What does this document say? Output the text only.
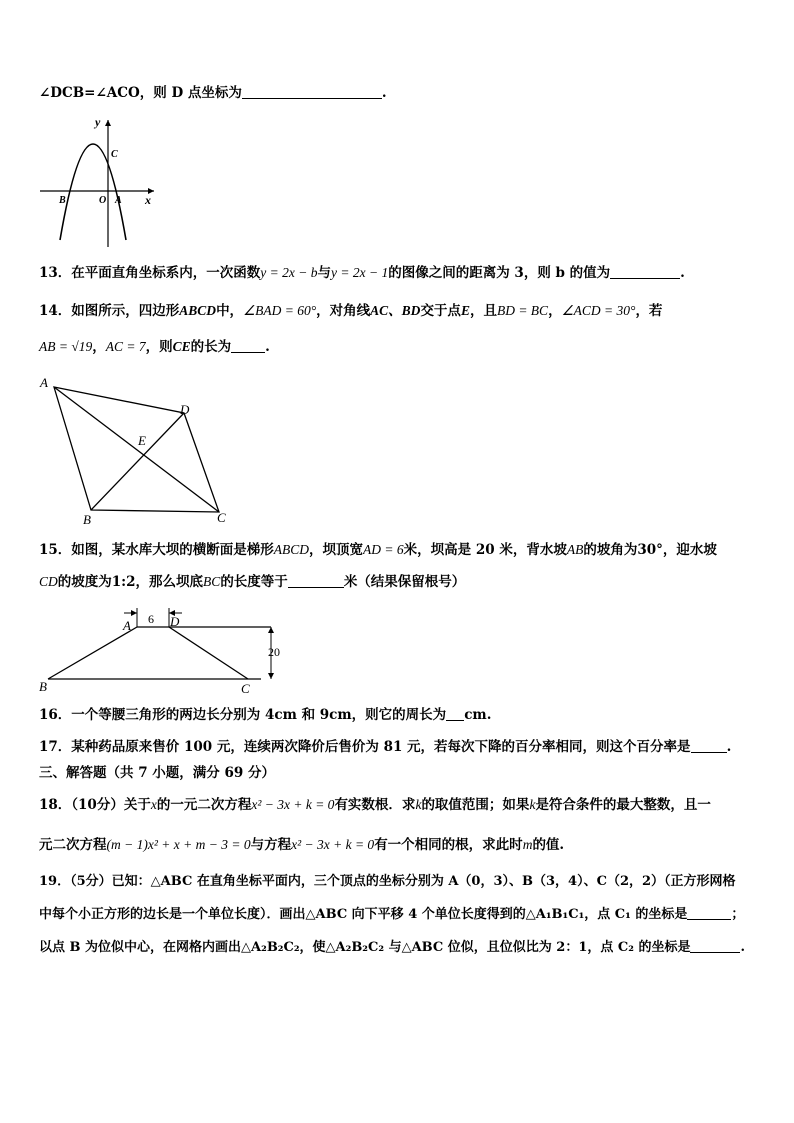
∠DCB=∠ACO，则 D 点坐标为	.
y
C
B	O A x
13．在平面直角坐标系内，一次函数y = 2x − b与y = 2x − 1的图像之间的距离为 3，则 b 的值为	.
14．如图所示，四边形ABCD中，∠BAD = 60°，对角线AC、BD交于点E，且BD = BC，∠ACD = 30°，若
AB = √19，AC = 7，则CE的长为	.
A
D
E
B	C
15．如图，某水库大坝的横断面是梯形ABCD，坝顶宽AD = 6米，坝高是 20 米，背水坡AB的坡角为30°，迎水坡
CD的坡度为1:2，那么坝底BC的长度等于	米（结果保留根号）
6
20
A	D
B	C
16．一个等腰三角形的两边长分别为 4cm 和 9cm，则它的周长为 cm.
17．某种药品原来售价 100 元，连续两次降价后售价为 81 元，若每次下降的百分率相同，则这个百分率是	.
三、解答题（共 7 小题，满分 69 分）
18．（10分）关于x的一元二次方程x² − 3x + k = 0有实数根．求k的取值范围；如果k是符合条件的最大整数，且一
元二次方程(m − 1)x² + x + m − 3 = 0与方程x² − 3x + k = 0有一个相同的根，求此时m的值.
19．（5分）已知：△ABC 在直角坐标平面内，三个顶点的坐标分别为 A（0，3）、B（3，4）、C（2，2）（正方形网格
中每个小正方形的边长是一个单位长度）．画出△ABC 向下平移 4 个单位长度得到的△A₁B₁C₁，点 C₁ 的坐标是	；
以点 B 为位似中心，在网格内画出△A₂B₂C₂，使△A₂B₂C₂ 与△ABC 位似，且位似比为 2：1，点 C₂ 的坐标是	.
